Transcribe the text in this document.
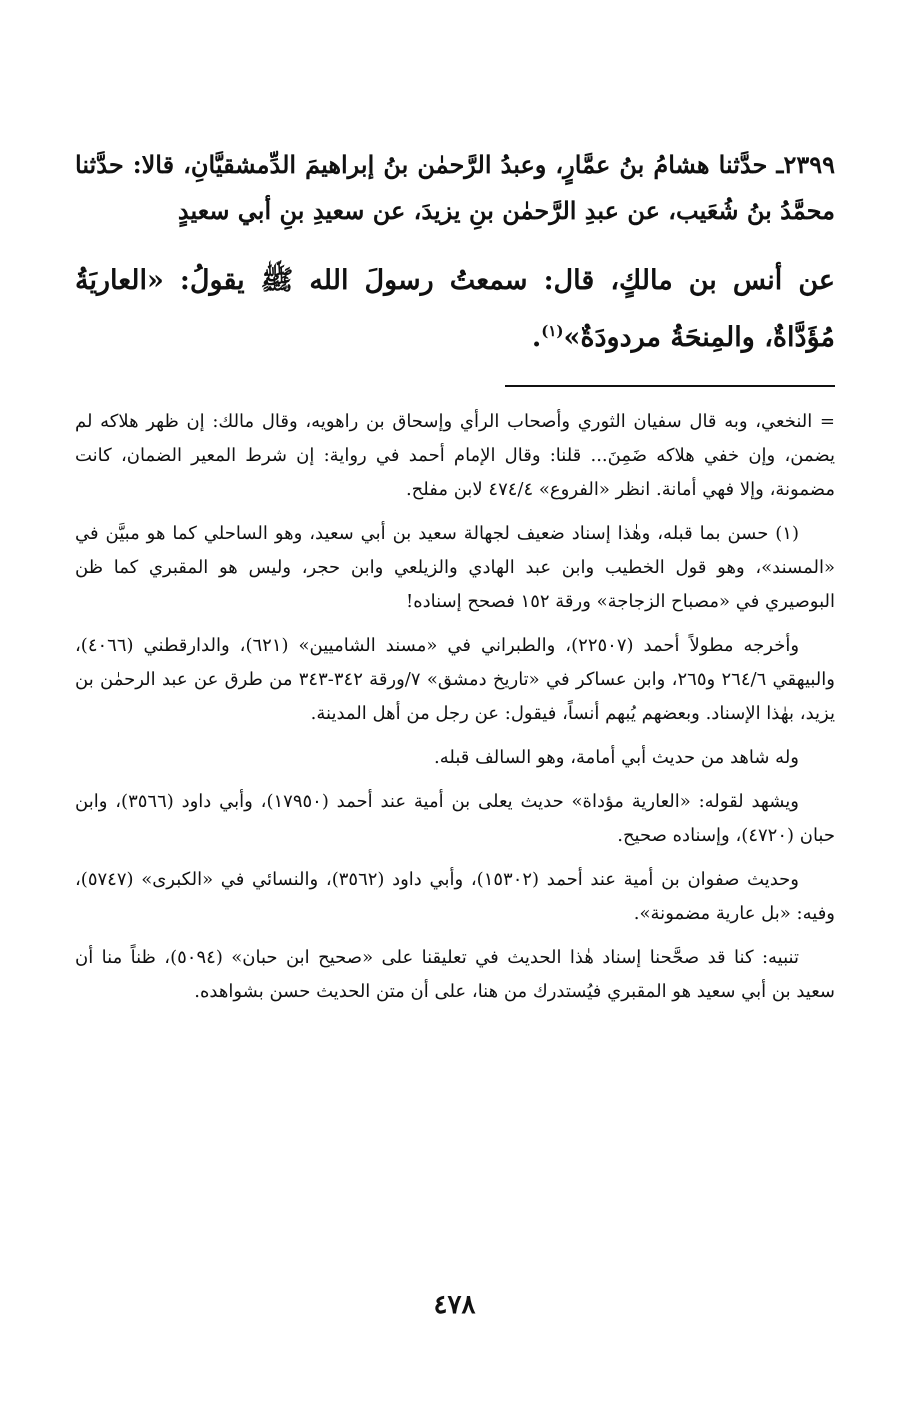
٢٣٩٩ـ حدَّثنا هشامُ بنُ عمَّارٍ، وعبدُ الرَّحمٰن بنُ إبراهيمَ الدِّمشقيَّانِ، قالا: حدَّثنا محمَّدُ بنُ شُعَيب، عن عبدِ الرَّحمٰن بنِ يزيدَ، عن سعيدِ بنِ أبي سعيدٍ

عن أنس بن مالكٍ، قال: سمعتُ رسولَ الله ﷺ يقولُ: «العاريَةُ مُؤَدَّاةٌ، والمِنحَةُ مردودَةٌ»$^{(١)}$.

= النخعي، وبه قال سفيان الثوري وأصحاب الرأي وإسحاق بن راهويه، وقال مالك: إن ظهر هلاكه لم يضمن، وإن خفي هلاكه ضَمِنَ... قلنا: وقال الإمام أحمد في رواية: إن شرط المعير الضمان، كانت مضمونة، وإلا فهي أمانة. انظر «الفروع» ٤٧٤/٤ لابن مفلح.

(١) حسن بما قبله، وهٰذا إسناد ضعيف لجهالة سعيد بن أبي سعيد، وهو الساحلي كما هو مبيَّن في «المسند»، وهو قول الخطيب وابن عبد الهادي والزيلعي وابن حجر، وليس هو المقبري كما ظن البوصيري في «مصباح الزجاجة» ورقة ١٥٢ فصحح إسناده!

وأخرجه مطولاً أحمد (٢٢٥٠٧)، والطبراني في «مسند الشاميين» (٦٢١)، والدارقطني (٤٠٦٦)، والبيهقي ٢٦٤/٦ و٢٦٥، وابن عساكر في «تاريخ دمشق» ٧/ورقة ٣٤٢-٣٤٣ من طرق عن عبد الرحمٰن بن يزيد، بهٰذا الإسناد. وبعضهم يُبهم أنساً، فيقول: عن رجل من أهل المدينة.

وله شاهد من حديث أبي أمامة، وهو السالف قبله.

ويشهد لقوله: «العارية مؤداة» حديث يعلى بن أمية عند أحمد (١٧٩٥٠)، وأبي داود (٣٥٦٦)، وابن حبان (٤٧٢٠)، وإسناده صحيح.

وحديث صفوان بن أمية عند أحمد (١٥٣٠٢)، وأبي داود (٣٥٦٢)، والنسائي في «الكبرى» (٥٧٤٧)، وفيه: «بل عارية مضمونة».

تنبيه: كنا قد صحَّحنا إسناد هٰذا الحديث في تعليقنا على «صحيح ابن حبان» (٥٠٩٤)، ظناً منا أن سعيد بن أبي سعيد هو المقبري فيُستدرك من هنا، على أن متن الحديث حسن بشواهده.

٤٧٨
